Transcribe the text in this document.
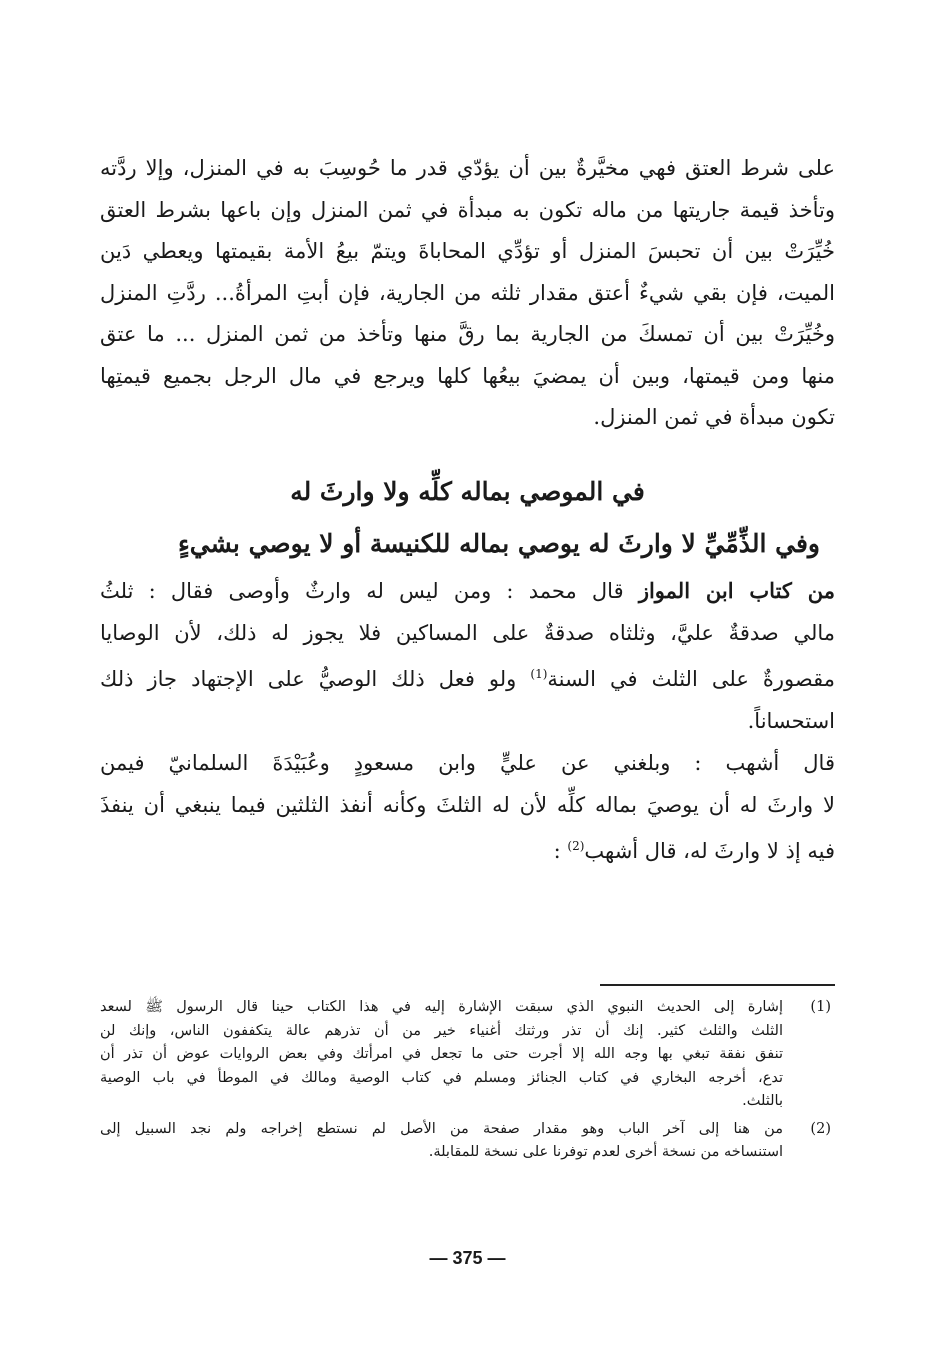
على شرط العتق فهي مخيَّرةٌ بين أن يؤدّي قدر ما حُوسِبَ به في المنزل، وإلا ردَّته
وتأخذ قيمة جاريتها من ماله تكون به مبدأة في ثمن المنزل وإن باعها بشرط العتق
خُيِّرَتْ بين أن تحبسَ المنزل أو تؤدِّي المحاباةَ ويتمّ بيعُ الأمة بقيمتها ويعطي دَين
الميت، فإن بقي شيءٌ أعتق مقدار ثلثه من الجارية، فإن أبتِ المرأةُ... ردَّتِ المنزل
وخُيِّرَتْ بين أن تمسكَ من الجارية بما رقَّ منها وتأخذ من ثمن المنزل ... ما عتق
منها ومن قيمتها، وبين أن يمضيَ بيعُها كلها ويرجع في مال الرجل بجميع قيمتِها
تكون مبدأة في ثمن المنزل.

في الموصي بماله كلِّه ولا وارثَ له
وفي الذِّمِّيِّ لا وارثَ له يوصي بماله للكنيسة أو لا يوصي بشيءٍ

من كتاب ابن المواز قال محمد : ومن ليس له وارثٌ وأوصى فقال : ثلثُ
مالي صدقةٌ عليَّ، وثلثاه صدقةٌ على المساكين فلا يجوز له ذلك، لأن الوصايا
مقصورةٌ على الثلث في السنة$^{(1)}$ ولو فعل ذلك الوصيُّ على الإجتهاد جاز ذلك
استحساناً.

قال أشهب : وبلغني عن عليٍّ وابن مسعودٍ وعُبَيْدَةَ السلمانيّ فيمن
لا وارثَ له أن يوصيَ بماله كلِّه لأن له الثلثَ وكأنه أنفذ الثلثين فيما ينبغي أن ينفذَ
فيه إذ لا وارثَ له، قال أشهب$^{(2)}$ :

(1)
إشارة إلى الحديث النبوي الذي سبقت الإشارة إليه في هذا الكتاب حينا قال الرسول ﷺ لسعد
الثلث والثلث كثير. إنك أن تذر ورثتك أغنياء خير من أن تذرهم عالة يتكففون الناس، وإنك لن
تنفق نفقة تبغي بها وجه الله إلا أجرت حتى ما تجعل في امرأتك وفي بعض الروايات عوض أن تذر أن
تدع، أخرجه البخاري في كتاب الجنائز ومسلم في كتاب الوصية ومالك في الموطأ في باب الوصية
بالثلث.
(2)
من هنا إلى آخر الباب وهو مقدار صفحة من الأصل لم نستطع إخراجه ولم نجد السبيل إلى
استنساخه من نسخة أخرى لعدم توفرنا على نسخة للمقابلة.
— 375 —
